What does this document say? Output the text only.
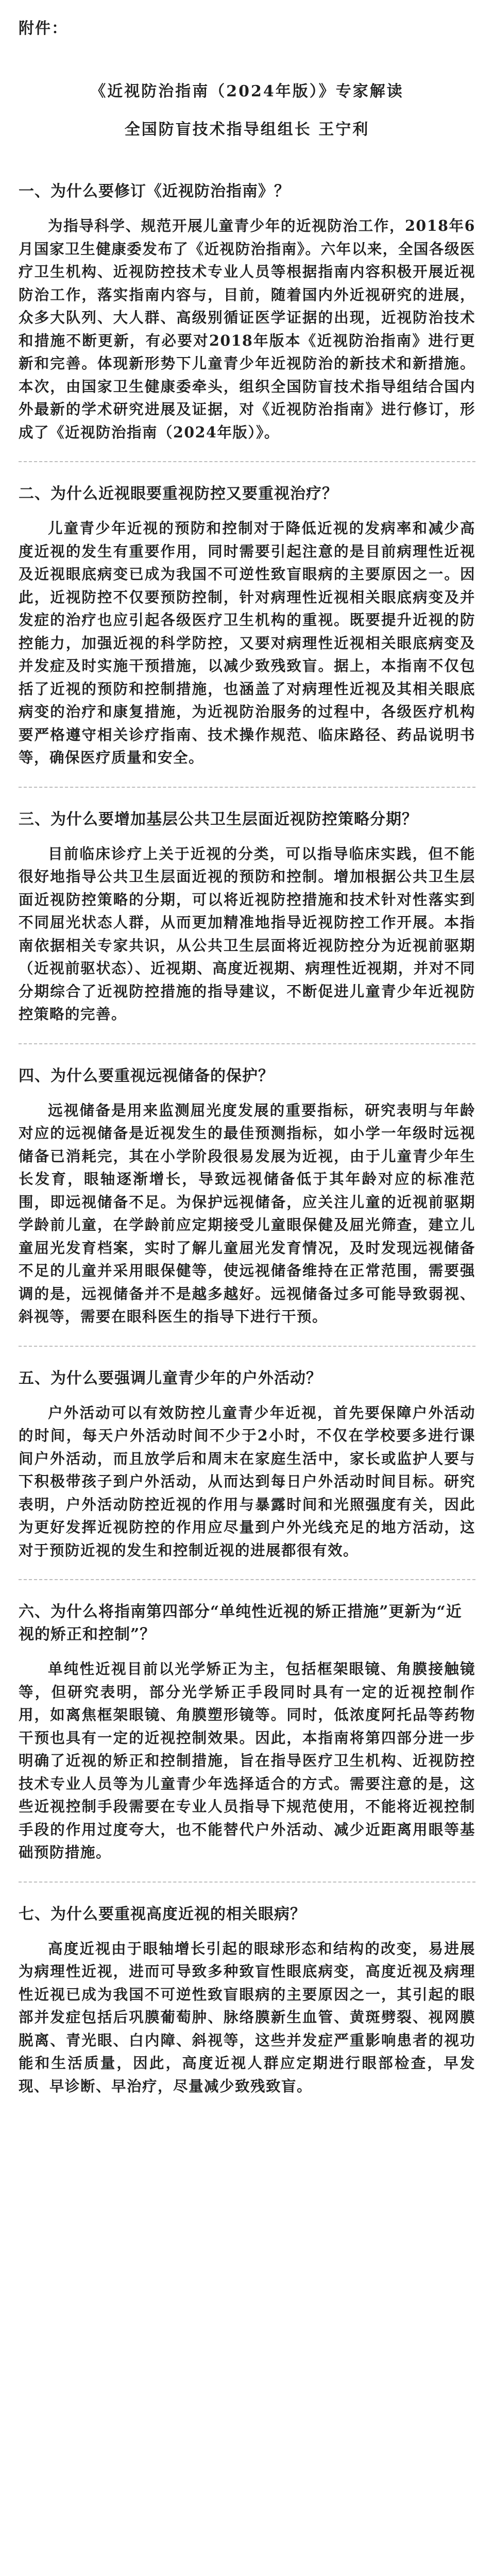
附件：
《近视防治指南（2024年版）》专家解读
全国防盲技术指导组组长 王宁利
一、为什么要修订《近视防治指南》？

为指导科学、规范开展儿童青少年的近视防治工作，2018年6月国家卫生健康委发布了《近视防治指南》。六年以来，全国各级医疗卫生机构、近视防控技术专业人员等根据指南内容积极开展近视防治工作，落实指南内容与，目前，随着国内外近视研究的进展，众多大队列、大人群、高级别循证医学证据的出现，近视防治技术和措施不断更新，有必要对2018年版本《近视防治指南》进行更新和完善。体现新形势下儿童青少年近视防治的新技术和新措施。本次，由国家卫生健康委牵头，组织全国防盲技术指导组结合国内外最新的学术研究进展及证据，对《近视防治指南》进行修订，形成了《近视防治指南（2024年版）》。

二、为什么近视眼要重视防控又要重视治疗？

儿童青少年近视的预防和控制对于降低近视的发病率和减少高度近视的发生有重要作用，同时需要引起注意的是目前病理性近视及近视眼底病变已成为我国不可逆性致盲眼病的主要原因之一。因此，近视防控不仅要预防控制，针对病理性近视相关眼底病变及并发症的治疗也应引起各级医疗卫生机构的重视。既要提升近视的防控能力，加强近视的科学防控，又要对病理性近视相关眼底病变及并发症及时实施干预措施，以减少致残致盲。据上，本指南不仅包括了近视的预防和控制措施，也涵盖了对病理性近视及其相关眼底病变的治疗和康复措施，为近视防治服务的过程中，各级医疗机构要严格遵守相关诊疗指南、技术操作规范、临床路径、药品说明书等，确保医疗质量和安全。

三、为什么要增加基层公共卫生层面近视防控策略分期？

目前临床诊疗上关于近视的分类，可以指导临床实践，但不能很好地指导公共卫生层面近视的预防和控制。增加根据公共卫生层面近视防控策略的分期，可以将近视防控措施和技术针对性落实到不同屈光状态人群，从而更加精准地指导近视防控工作开展。本指南依据相关专家共识，从公共卫生层面将近视防控分为近视前驱期（近视前驱状态）、近视期、高度近视期、病理性近视期，并对不同分期综合了近视防控措施的指导建议，不断促进儿童青少年近视防控策略的完善。

四、为什么要重视远视储备的保护？

远视储备是用来监测屈光度发展的重要指标，研究表明与年龄对应的远视储备是近视发生的最佳预测指标，如小学一年级时远视储备已消耗完，其在小学阶段很易发展为近视，由于儿童青少年生长发育，眼轴逐渐增长，导致远视储备低于其年龄对应的标准范围，即远视储备不足。为保护远视储备，应关注儿童的近视前驱期学龄前儿童，在学龄前应定期接受儿童眼保健及屈光筛查，建立儿童屈光发育档案，实时了解儿童屈光发育情况，及时发现远视储备不足的儿童并采用眼保健等，使远视储备维持在正常范围，需要强调的是，远视储备并不是越多越好。远视储备过多可能导致弱视、斜视等，需要在眼科医生的指导下进行干预。

五、为什么要强调儿童青少年的户外活动？

户外活动可以有效防控儿童青少年近视，首先要保障户外活动的时间，每天户外活动时间不少于2小时，不仅在学校要多进行课间户外活动，而且放学后和周末在家庭生活中，家长或监护人要与下积极带孩子到户外活动，从而达到每日户外活动时间目标。研究表明，户外活动防控近视的作用与暴露时间和光照强度有关，因此为更好发挥近视防控的作用应尽量到户外光线充足的地方活动，这对于预防近视的发生和控制近视的进展都很有效。

六、为什么将指南第四部分“单纯性近视的矫正措施”更新为“近视的矫正和控制”？

单纯性近视目前以光学矫正为主，包括框架眼镜、角膜接触镜等，但研究表明，部分光学矫正手段同时具有一定的近视控制作用，如离焦框架眼镜、角膜塑形镜等。同时，低浓度阿托品等药物干预也具有一定的近视控制效果。因此，本指南将第四部分进一步明确了近视的矫正和控制措施，旨在指导医疗卫生机构、近视防控技术专业人员等为儿童青少年选择适合的方式。需要注意的是，这些近视控制手段需要在专业人员指导下规范使用，不能将近视控制手段的作用过度夸大，也不能替代户外活动、减少近距离用眼等基础预防措施。

七、为什么要重视高度近视的相关眼病？

高度近视由于眼轴增长引起的眼球形态和结构的改变，易进展为病理性近视，进而可导致多种致盲性眼底病变，高度近视及病理性近视已成为我国不可逆性致盲眼病的主要原因之一，其引起的眼部并发症包括后巩膜葡萄肿、脉络膜新生血管、黄斑劈裂、视网膜脱离、青光眼、白内障、斜视等，这些并发症严重影响患者的视功能和生活质量，因此，高度近视人群应定期进行眼部检查，早发现、早诊断、早治疗，尽量减少致残致盲。
